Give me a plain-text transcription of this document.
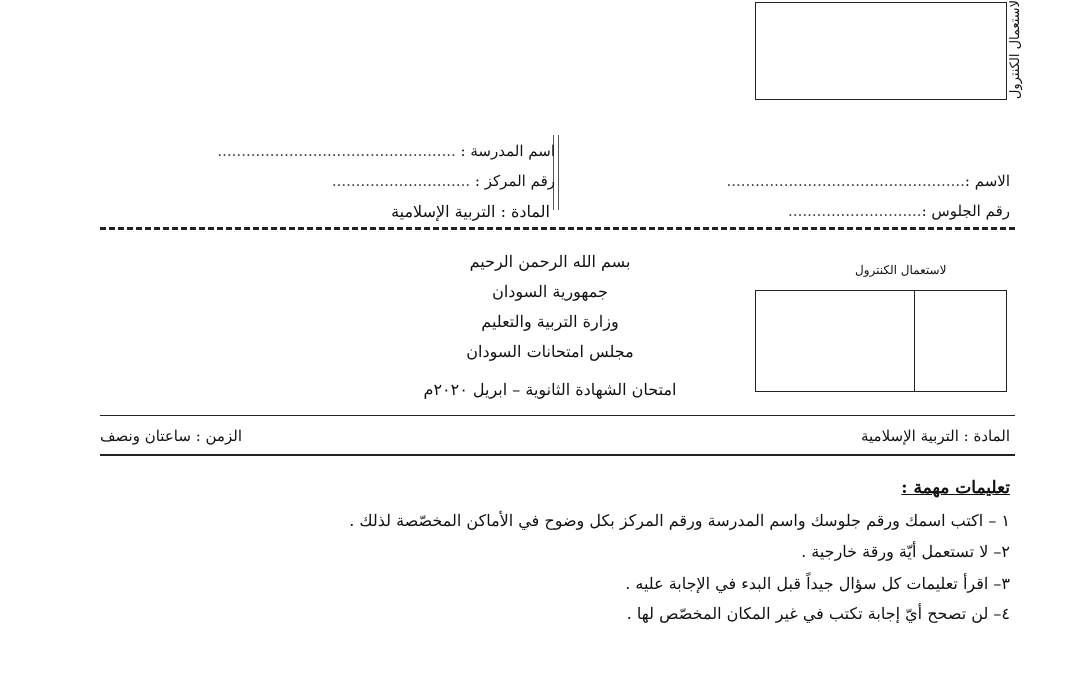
لاستعمال الكنترول
اسم المدرسة : ..................................................
رقم المركز : .............................
المادة : التربية الإسلامية
الاسم :..................................................
رقم الجلوس :............................
بسم الله الرحمن الرحيم
جمهورية السودان
وزارة التربية والتعليم
مجلس امتحانات السودان
امتحان الشهادة الثانوية – ابريل ٢٠٢٠م
لاستعمال الكنترول
المادة : التربية الإسلامية
الزمن : ساعتان ونصف
تعليمات مهمة :
١ – اكتب اسمك ورقم جلوسك واسم المدرسة ورقم المركز بكل وضوح في الأماكن المخصّصة لذلك .
٢– لا تستعمل أيّة ورقة خارجية .
٣– اقرأ تعليمات كل سؤال جيداً قبل البدء في الإجابة عليه .
٤– لن تصحح أيّ إجابة تكتب في غير المكان المخصّص لها .
